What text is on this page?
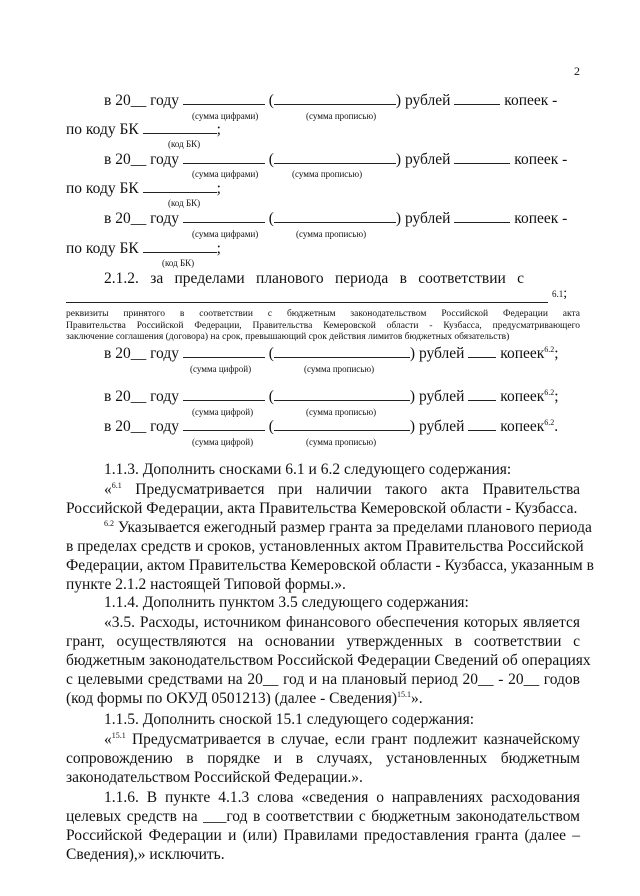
2
в 20__ году	(	) рублей	копеек -
(сумма цифрами)	(сумма прописью)
по коду БК	;
(код БК)
в 20__ году	(	) рублей	копеек -
(сумма цифрами)	(сумма прописью)
по коду БК	;
(код БК)
в 20__ году	(	) рублей	копеек -
(сумма цифрами)	(сумма прописью)
по коду БК	;
(код БК)
2.1.2. за пределами планового периода в соответствии с
6.1;
реквизиты принятого в соответствии с бюджетным законодательством Российской Федерации акта
Правительства Российской Федерации, Правительства Кемеровской области - Кузбасса, предусматривающего
заключение соглашения (договора) на срок, превышающий срок действия лимитов бюджетных обязательств)
в 20__ году	(	) рублей копеек$^{6.2}$;
(сумма цифрой)	(сумма прописью)
в 20__ году	(	) рублей копеек$^{6.2}$;
(сумма цифрой)	(сумма прописью)
в 20__ году	(	) рублей копеек$^{6.2}$.
(сумма цифрой)	(сумма прописью)
1.1.3. Дополнить сносками 6.1 и 6.2 следующего содержания:
«$^{6.1}$ Предусматривается при наличии такого акта Правительства
Российской Федерации, акта Правительства Кемеровской области - Кузбасса.
$^{6.2}$ Указывается ежегодный размер гранта за пределами планового периода
в пределах средств и сроков, установленных актом Правительства Российской
Федерации, актом Правительства Кемеровской области - Кузбасса, указанным в
пункте 2.1.2 настоящей Типовой формы.».
1.1.4. Дополнить пунктом 3.5 следующего содержания:
«3.5. Расходы, источником финансового обеспечения которых является
грант, осуществляются на основании утвержденных в соответствии с
бюджетным законодательством Российской Федерации Сведений об операциях
с целевыми средствами на 20__ год и на плановый период 20__ - 20__ годов
(код формы по ОКУД 0501213) (далее - Сведения)$^{15.1}$».
1.1.5. Дополнить сноской 15.1 следующего содержания:
«$^{15.1}$ Предусматривается в случае, если грант подлежит казначейскому
сопровождению в порядке и в случаях, установленных бюджетным
законодательством Российской Федерации.».
1.1.6. В пункте 4.1.3 слова «сведения о направлениях расходования
целевых средств на ___год в соответствии с бюджетным законодательством
Российской Федерации и (или) Правилами предоставления гранта (далее –
Сведения),» исключить.
